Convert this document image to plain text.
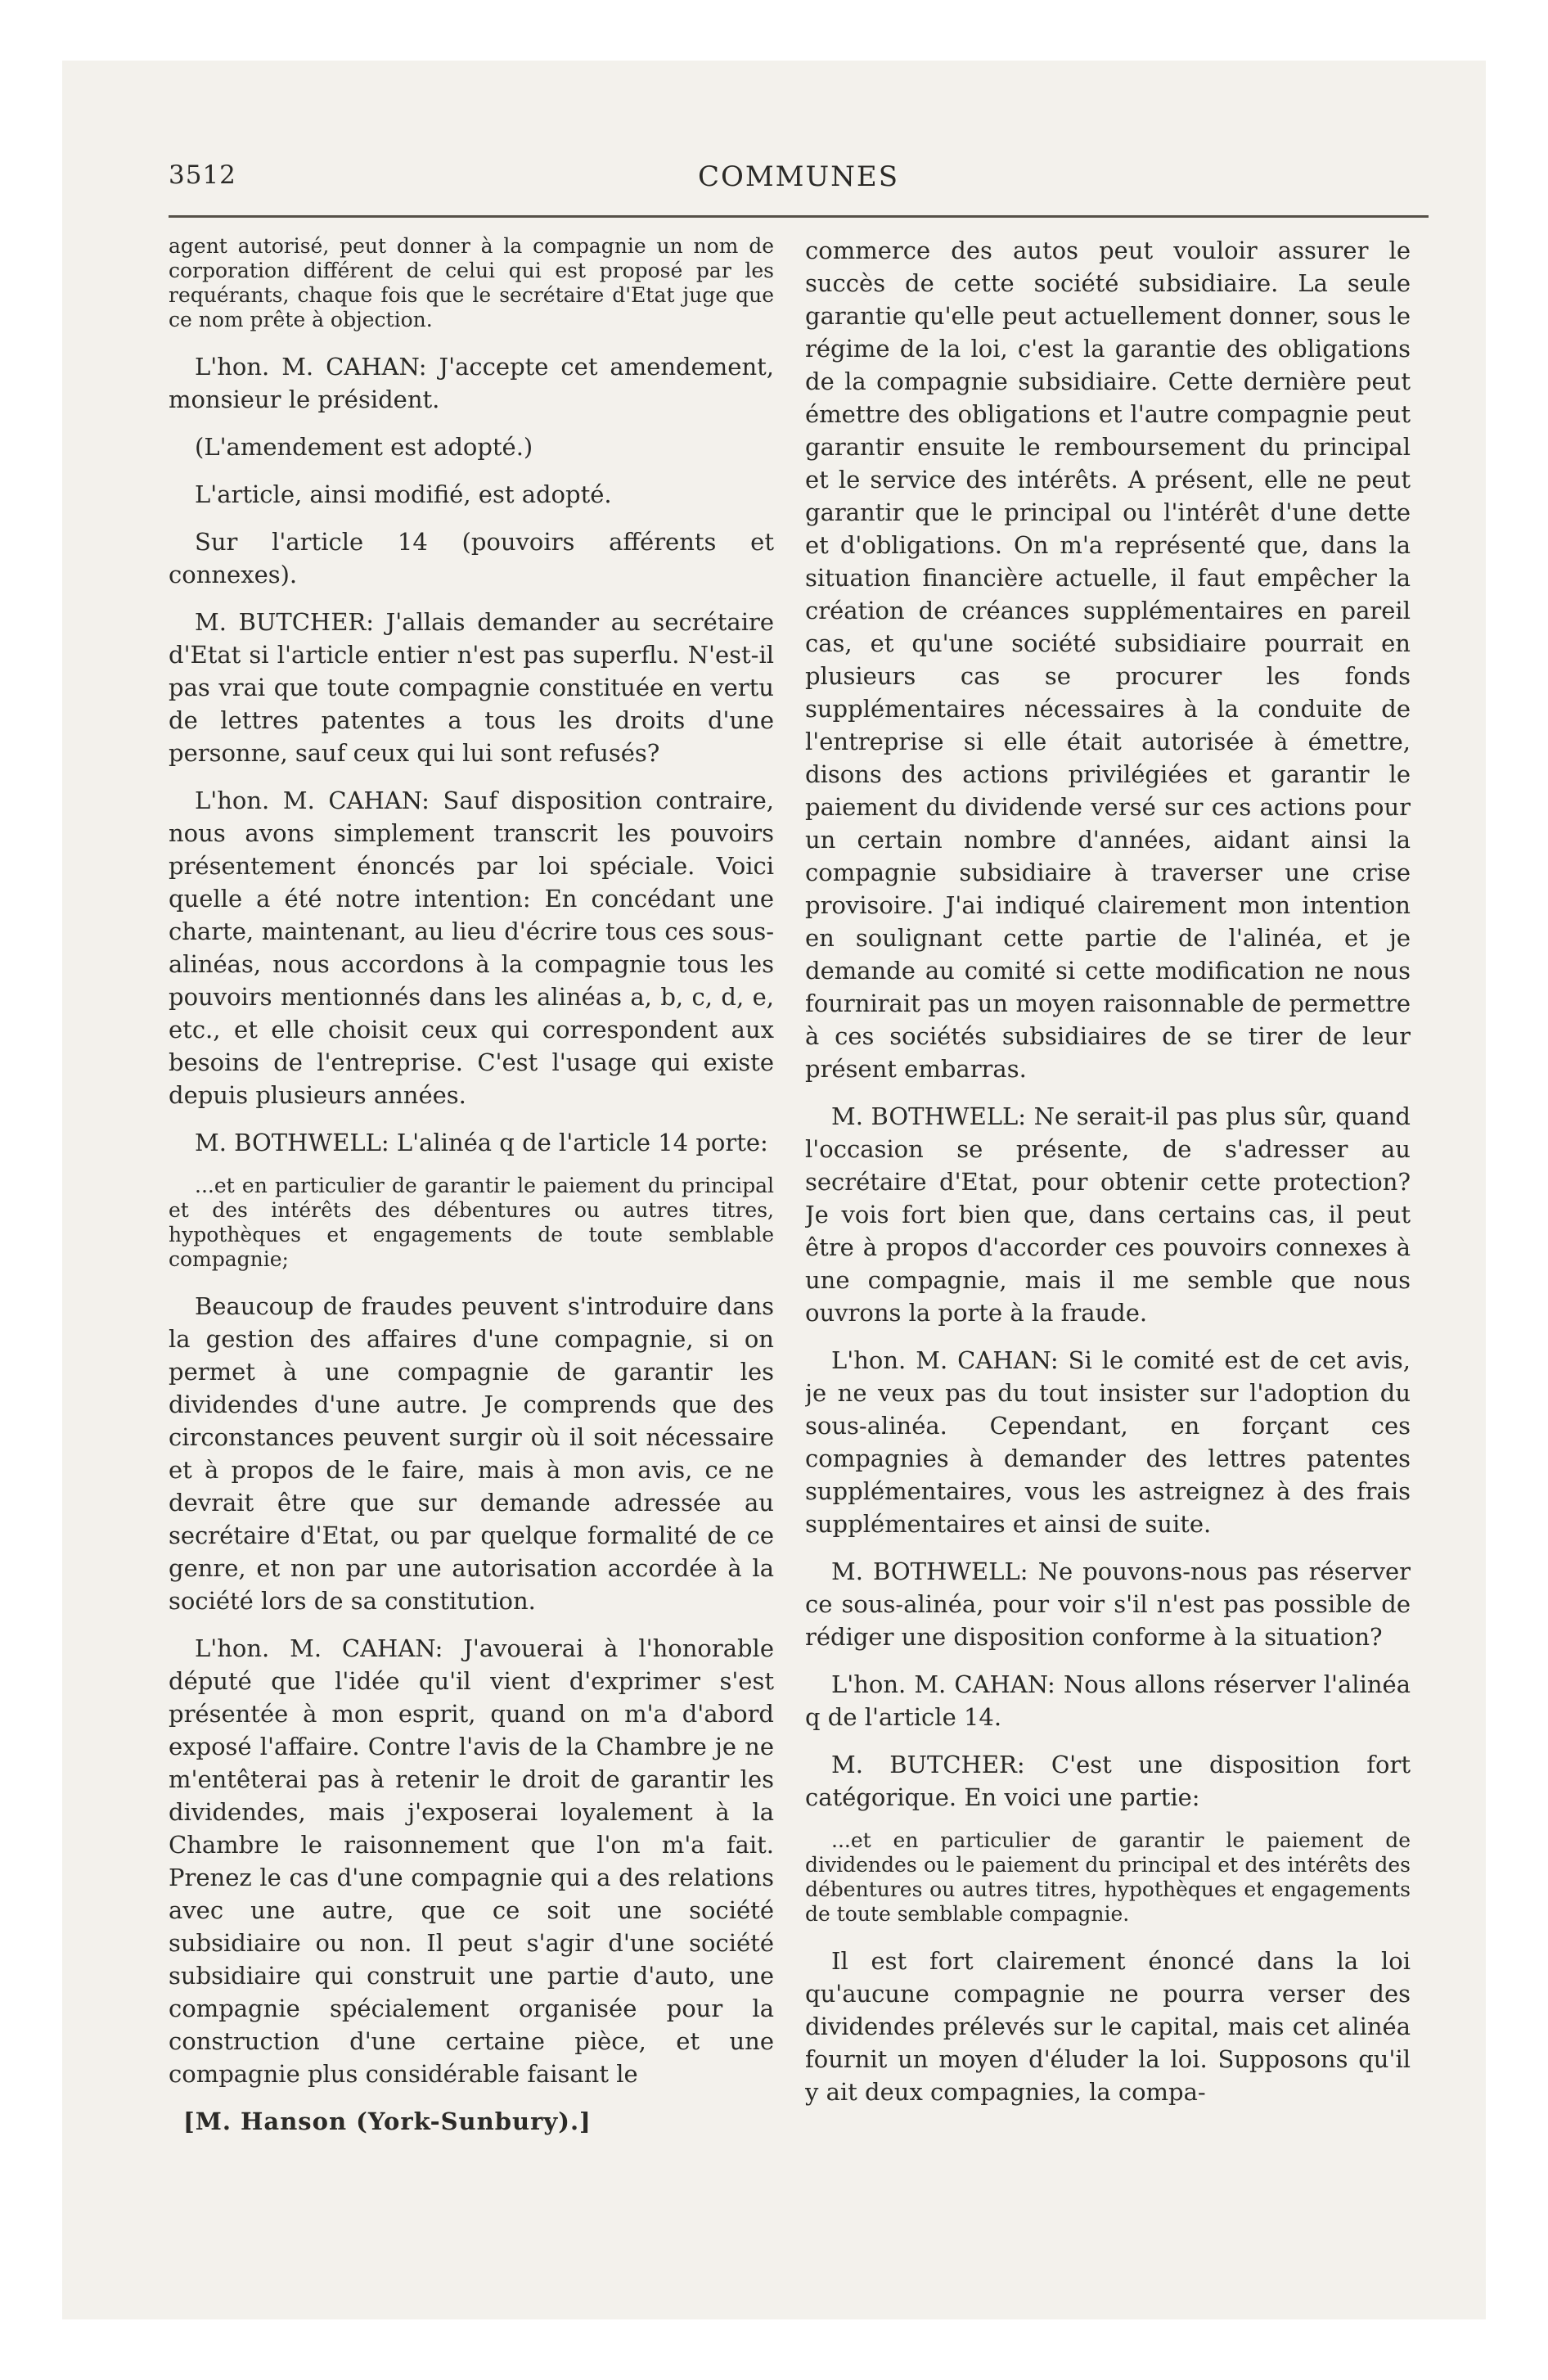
3512	COMMUNES

agent autorisé, peut donner à la compagnie un nom de corporation différent de celui qui est proposé par les requérants, chaque fois que le secrétaire d'Etat juge que ce nom prête à objection.

L'hon. M. CAHAN: J'accepte cet amendement, monsieur le président.

(L'amendement est adopté.)

L'article, ainsi modifié, est adopté.

Sur l'article 14 (pouvoirs afférents et connexes).

M. BUTCHER: J'allais demander au secrétaire d'Etat si l'article entier n'est pas superflu. N'est-il pas vrai que toute compagnie constituée en vertu de lettres patentes a tous les droits d'une personne, sauf ceux qui lui sont refusés?

L'hon. M. CAHAN: Sauf disposition contraire, nous avons simplement transcrit les pouvoirs présentement énoncés par loi spéciale. Voici quelle a été notre intention: En concédant une charte, maintenant, au lieu d'écrire tous ces sous-alinéas, nous accordons à la compagnie tous les pouvoirs mentionnés dans les alinéas a, b, c, d, e, etc., et elle choisit ceux qui correspondent aux besoins de l'entreprise. C'est l'usage qui existe depuis plusieurs années.

M. BOTHWELL: L'alinéa q de l'article 14 porte:

...et en particulier de garantir le paiement du principal et des intérêts des débentures ou autres titres, hypothèques et engagements de toute semblable compagnie;

Beaucoup de fraudes peuvent s'introduire dans la gestion des affaires d'une compagnie, si on permet à une compagnie de garantir les dividendes d'une autre. Je comprends que des circonstances peuvent surgir où il soit nécessaire et à propos de le faire, mais à mon avis, ce ne devrait être que sur demande adressée au secrétaire d'Etat, ou par quelque formalité de ce genre, et non par une autorisation accordée à la société lors de sa constitution.

L'hon. M. CAHAN: J'avouerai à l'honorable député que l'idée qu'il vient d'exprimer s'est présentée à mon esprit, quand on m'a d'abord exposé l'affaire. Contre l'avis de la Chambre je ne m'entêterai pas à retenir le droit de garantir les dividendes, mais j'exposerai loyalement à la Chambre le raisonnement que l'on m'a fait. Prenez le cas d'une compagnie qui a des relations avec une autre, que ce soit une société subsidiaire ou non. Il peut s'agir d'une société subsidiaire qui construit une partie d'auto, une compagnie spécialement organisée pour la construction d'une certaine pièce, et une compagnie plus considérable faisant le

[M. Hanson (York-Sunbury).]

commerce des autos peut vouloir assurer le succès de cette société subsidiaire. La seule garantie qu'elle peut actuellement donner, sous le régime de la loi, c'est la garantie des obligations de la compagnie subsidiaire. Cette dernière peut émettre des obligations et l'autre compagnie peut garantir ensuite le remboursement du principal et le service des intérêts. A présent, elle ne peut garantir que le principal ou l'intérêt d'une dette et d'obligations. On m'a représenté que, dans la situation financière actuelle, il faut empêcher la création de créances supplémentaires en pareil cas, et qu'une société subsidiaire pourrait en plusieurs cas se procurer les fonds supplémentaires nécessaires à la conduite de l'entreprise si elle était autorisée à émettre, disons des actions privilégiées et garantir le paiement du dividende versé sur ces actions pour un certain nombre d'années, aidant ainsi la compagnie subsidiaire à traverser une crise provisoire. J'ai indiqué clairement mon intention en soulignant cette partie de l'alinéa, et je demande au comité si cette modification ne nous fournirait pas un moyen raisonnable de permettre à ces sociétés subsidiaires de se tirer de leur présent embarras.

M. BOTHWELL: Ne serait-il pas plus sûr, quand l'occasion se présente, de s'adresser au secrétaire d'Etat, pour obtenir cette protection? Je vois fort bien que, dans certains cas, il peut être à propos d'accorder ces pouvoirs connexes à une compagnie, mais il me semble que nous ouvrons la porte à la fraude.

L'hon. M. CAHAN: Si le comité est de cet avis, je ne veux pas du tout insister sur l'adoption du sous-alinéa. Cependant, en forçant ces compagnies à demander des lettres patentes supplémentaires, vous les astreignez à des frais supplémentaires et ainsi de suite.

M. BOTHWELL: Ne pouvons-nous pas réserver ce sous-alinéa, pour voir s'il n'est pas possible de rédiger une disposition conforme à la situation?

L'hon. M. CAHAN: Nous allons réserver l'alinéa q de l'article 14.

M. BUTCHER: C'est une disposition fort catégorique. En voici une partie:

...et en particulier de garantir le paiement de dividendes ou le paiement du principal et des intérêts des débentures ou autres titres, hypothèques et engagements de toute semblable compagnie.

Il est fort clairement énoncé dans la loi qu'aucune compagnie ne pourra verser des dividendes prélevés sur le capital, mais cet alinéa fournit un moyen d'éluder la loi. Supposons qu'il y ait deux compagnies, la compa-
